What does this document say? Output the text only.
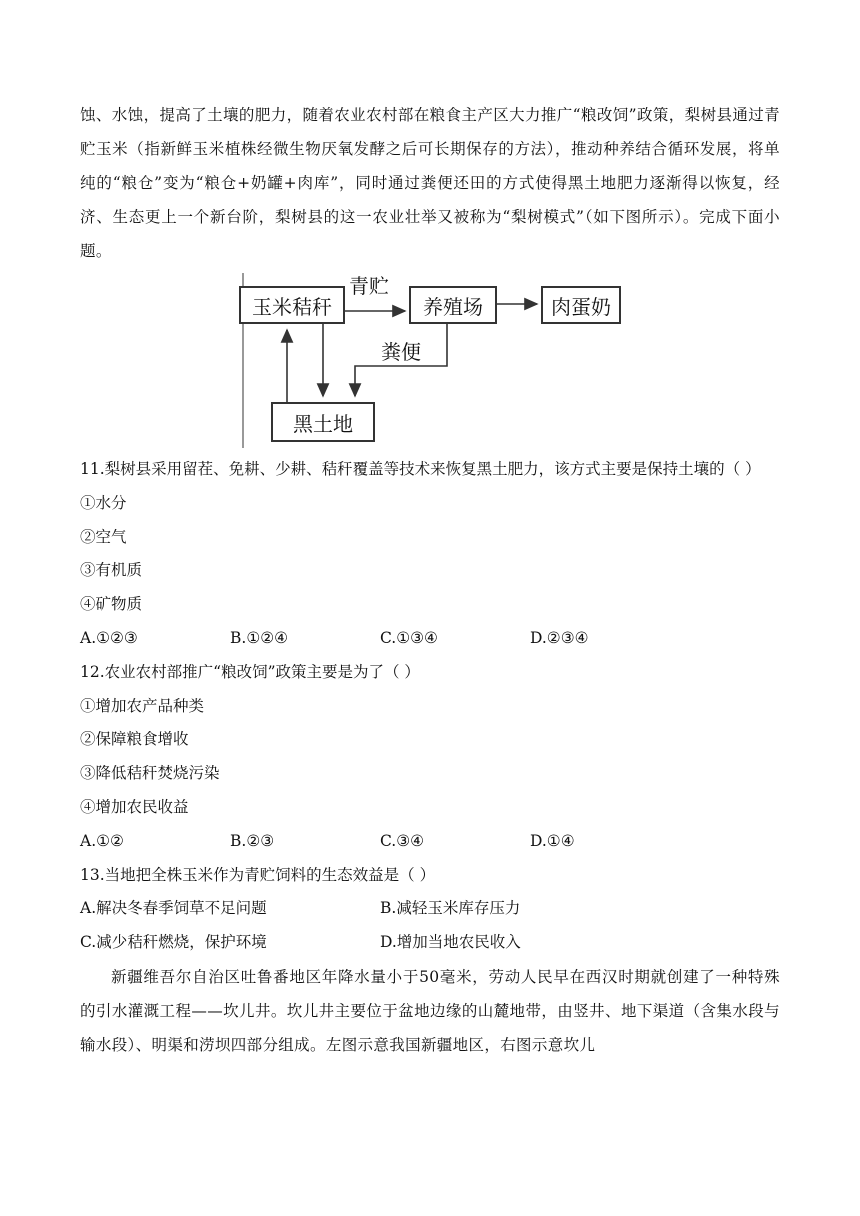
蚀、水蚀，提高了土壤的肥力，随着农业农村部在粮食主产区大力推广“粮改饲”政策，梨树县通过青贮玉米（指新鲜玉米植株经微生物厌氧发酵之后可长期保存的方法），推动种养结合循环发展，将单纯的“粮仓”变为“粮仓+奶罐+肉库”，同时通过粪便还田的方式使得黑土地肥力逐渐得以恢复，经济、生态更上一个新台阶，梨树县的这一农业壮举又被称为“梨树模式”（如下图所示）。完成下面小题。

玉米秸秆	养殖场	肉蛋奶
黑土地
青贮
粪便

11.梨树县采用留茬、免耕、少耕、秸秆覆盖等技术来恢复黑土肥力，该方式主要是保持土壤的（ ）

①水分

②空气

③有机质

④矿物质

A.①②③	B.①②④	C.①③④	D.②③④

12.农业农村部推广“粮改饲”政策主要是为了（ ）

①增加农产品种类

②保障粮食增收

③降低秸秆焚烧污染

④增加农民收益

A.①②	B.②③	C.③④	D.①④

13.当地把全株玉米作为青贮饲料的生态效益是（ ）

A.解决冬春季饲草不足问题	B.减轻玉米库存压力
C.减少秸秆燃烧，保护环境	D.增加当地农民收入

新疆维吾尔自治区吐鲁番地区年降水量小于50毫米，劳动人民早在西汉时期就创建了一种特殊的引水灌溉工程——坎儿井。坎儿井主要位于盆地边缘的山麓地带，由竖井、地下渠道（含集水段与输水段）、明渠和涝坝四部分组成。左图示意我国新疆地区，右图示意坎儿
